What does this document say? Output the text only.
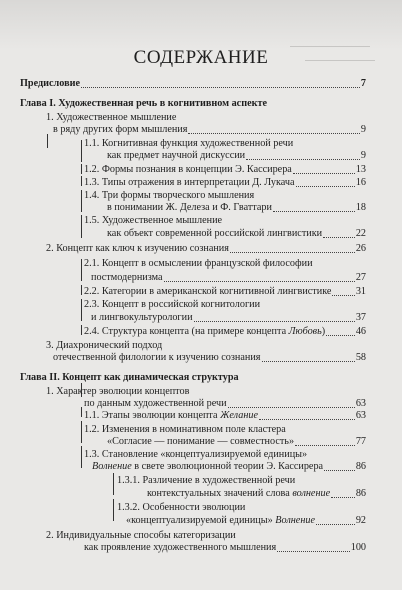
СОДЕРЖАНИЕ
Предисловие	7
Глава I. Художественная речь в когнитивном аспекте
1. Художественное мышление
в ряду других форм мышления	9
1.1. Когнитивная функция художественной речи
как предмет научной дискуссии	9
1.2. Формы познания в концепции Э. Кассирера	13
1.3. Типы отражения в интерпретации Д. Лукача	16
1.4. Три формы творческого мышления
в понимании Ж. Делеза и Ф. Гваттари	18
1.5. Художественное мышление
как объект современной российской лингвистики	22
2. Концепт как ключ к изучению сознания	26
2.1. Концепт в осмыслении французской философии
постмодернизма	27
2.2. Категории в американской когнитивной лингвистике 31
2.3. Концепт в российской когнитологии
и лингвокультурологии	37
2.4. Структура концепта (на примере концепта Любовь)	46
3. Диахронический подход
отечественной филологии к изучению сознания	58
Глава II. Концепт как динамическая структура
1. Характер эволюции концептов
по данным художественной речи	63
1.1. Этапы эволюции концепта Желание	63
1.2. Изменения в номинативном поле кластера
«Согласие — понимание — совместность»	77
1.3. Становление «концептуализируемой единицы»
Волнение в свете эволюционной теории Э. Кассирера	86
1.3.1. Различение в художественной речи
контекстуальных значений слова волнение	86
1.3.2. Особенности эволюции
«концептуализируемой единицы» Волнение	92
2. Индивидуальные способы категоризации
как проявление художественного мышления	100
